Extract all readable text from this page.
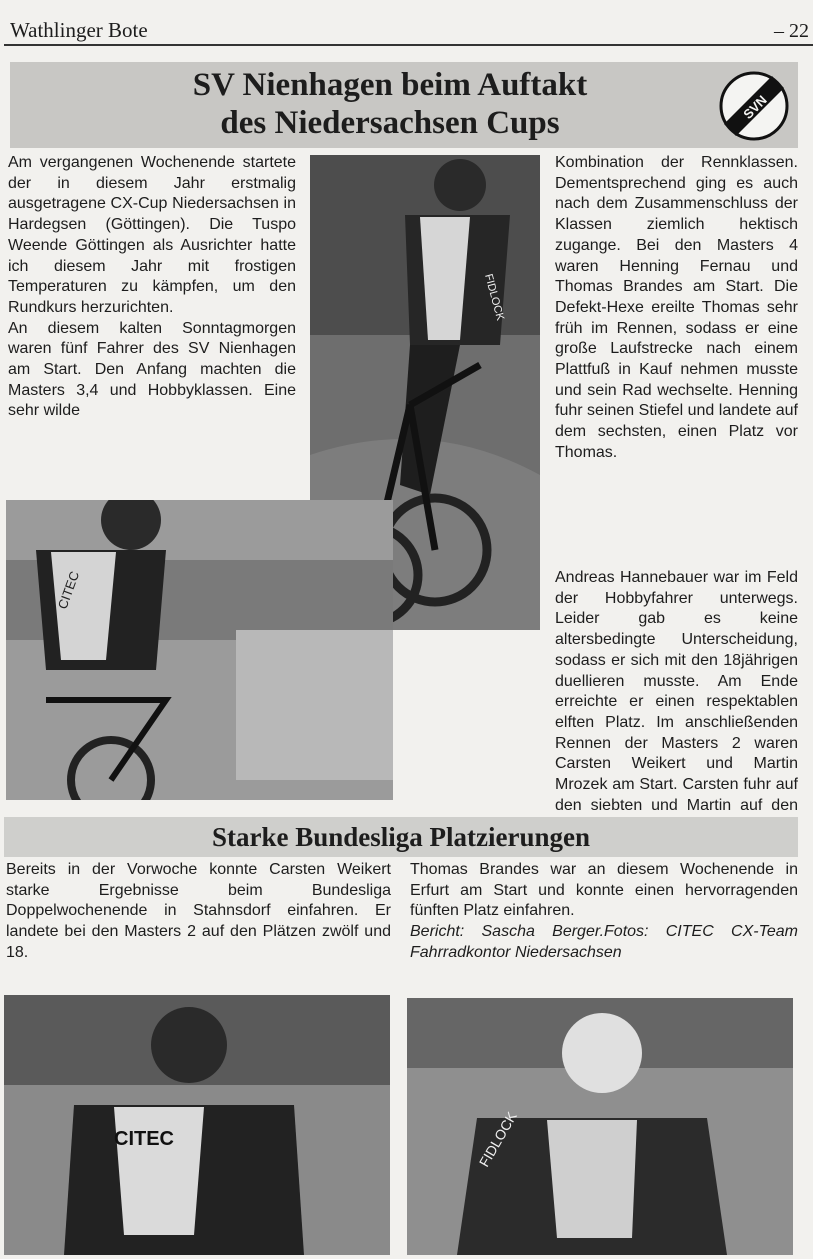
Wathlinger Bote	– 22
SV Nienhagen beim Auftakt
des Niedersachsen Cups	SVN

Am vergangenen Wochenende startete der in diesem Jahr erstmalig ausgetragene CX-Cup Niedersachsen in Hardegsen (Göttingen). Die Tuspo Weende Göttingen als Ausrichter hatte ich diesem Jahr mit frostigen Temperaturen zu kämpfen, um den Rundkurs herzurichten.

An diesem kalten Sonntagmorgen waren fünf Fahrer des SV Nienhagen am Start. Den Anfang machten die Masters 3,4 und Hobbyklassen. Eine sehr wilde

FIDLOCK

Kombination der Rennklassen. Dementsprechend ging es auch nach dem Zusammenschluss der Klassen ziemlich hektisch zugange. Bei den Masters 4 waren Henning Fernau und Thomas Brandes am Start. Die Defekt-Hexe ereilte Thomas sehr früh im Rennen, sodass er eine große Laufstrecke nach einem Plattfuß in Kauf nehmen musste und sein Rad wechselte. Henning fuhr seinen Stiefel und landete auf dem sechsten, einen Platz vor Thomas.

Andreas Hannebauer war im Feld der Hobbyfahrer unterwegs. Leider gab es keine altersbedingte Unterscheidung, sodass er sich mit den 18jährigen duellieren musste. Am Ende erreichte er einen respektablen elften Platz. Im anschließenden Rennen der Masters 2 waren Carsten Weikert und Martin Mrozek am Start. Carsten fuhr auf den siebten und Martin auf den

CITEC
Starke Bundesliga Platzierungen

Bereits in der Vorwoche konnte Carsten Weikert starke Ergebnisse beim Bundesliga Doppelwochenende in Stahnsdorf einfahren. Er landete bei den Masters 2 auf den Plätzen zwölf und 18.

Thomas Brandes war an diesem Wochenende in Erfurt am Start und konnte einen hervorragenden fünften Platz einfahren.

Bericht: Sascha Berger.Fotos: CITEC CX-Team Fahrradkontor Niedersachsen

CITEC	FIDLOCK
